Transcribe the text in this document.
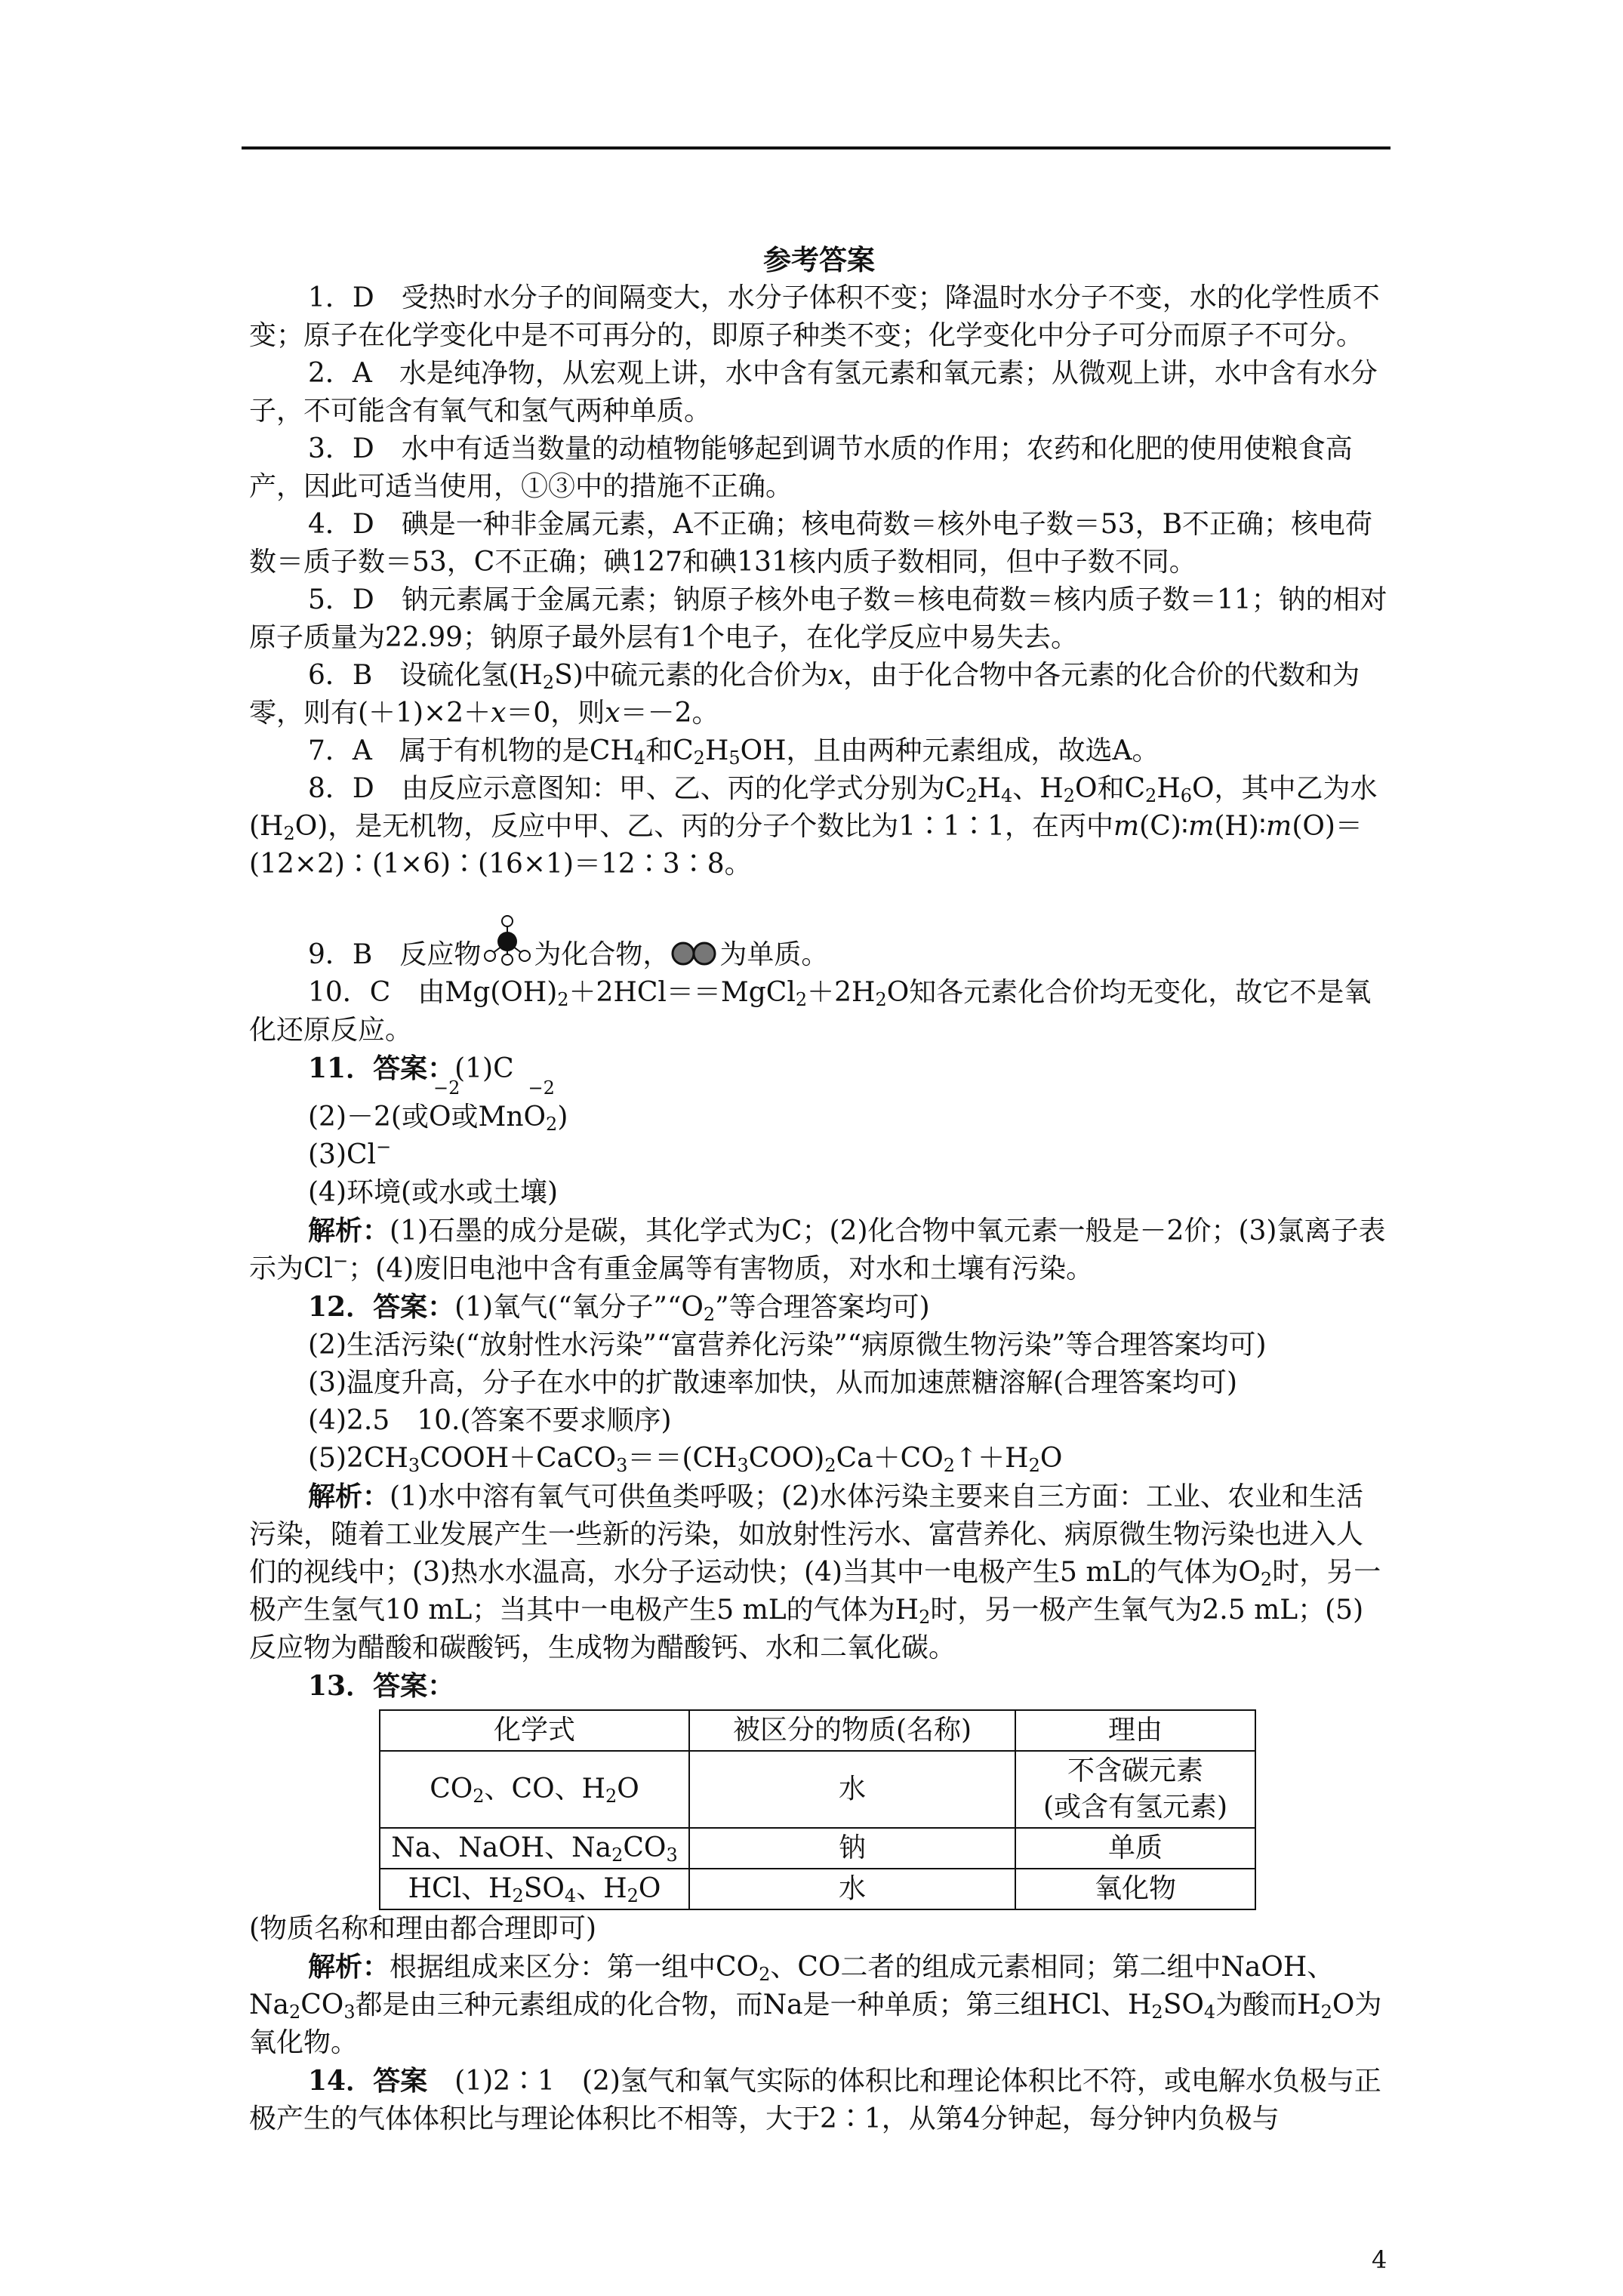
参考答案

1．D　受热时水分子的间隔变大，水分子体积不变；降温时水分子不变，水的化学性质不变；原子在化学变化中是不可再分的，即原子种类不变；化学变化中分子可分而原子不可分。

2．A　水是纯净物，从宏观上讲，水中含有氢元素和氧元素；从微观上讲，水中含有水分子，不可能含有氧气和氢气两种单质。

3．D　水中有适当数量的动植物能够起到调节水质的作用；农药和化肥的使用使粮食高产，因此可适当使用，①③中的措施不正确。

4．D　碘是一种非金属元素，A不正确；核电荷数＝核外电子数＝53，B不正确；核电荷数＝质子数＝53，C不正确；碘127和碘131核内质子数相同，但中子数不同。

5．D　钠元素属于金属元素；钠原子核外电子数＝核电荷数＝核内质子数＝11；钠的相对原子质量为22.99；钠原子最外层有1个电子，在化学反应中易失去。

6．B　设硫化氢$(H_2S)$中硫元素的化合价为x，由于化合物中各元素的化合价的代数和为零，则有(＋1)×2＋x＝0，则x＝－2。

7．A　属于有机物的是$CH_4$和$C_2H_5OH$，且由两种元素组成，故选A。

8．D　由反应示意图知：甲、乙、丙的化学式分别为$C_2H_4$、$H_2O$和$C_2H_6O$，其中乙为水$(H_2O)$，是无机物，反应中甲、乙、丙的分子个数比为1∶1∶1，在丙中m(C)∶m(H)∶m(O)＝(12×2)∶(1×6)∶(16×1)＝12∶3∶8。

9．B　反应物 为化合物， 为单质。

10．C　由$Mg(OH)_2+2HCl==MgCl_2+2H_2O$知各元素化合价均无变化，故它不是氧化还原反应。

11．答案：(1)C

(2)－2(或
−2
O或Mn
−2
$O_2$)

(3)Cl−

(4)环境(或水或土壤)

解析：(1)石墨的成分是碳，其化学式为C；(2)化合物中氧元素一般是－2价；(3)氯离子表示为Cl−；(4)废旧电池中含有重金属等有害物质，对水和土壤有污染。

12．答案：(1)氧气(“氧分子$”“O_2$”等合理答案均可)

(2)生活污染(“放射性水污染”“富营养化污染”“病原微生物污染”等合理答案均可)

(3)温度升高，分子在水中的扩散速率加快，从而加速蔗糖溶解(合理答案均可)

(4)2.5　10.(答案不要求顺序)

$(5)2CH_3COOH+CaCO_3==(CH_3COO)_2Ca+CO_2↑+H_2O$

解析：(1)水中溶有氧气可供鱼类呼吸；(2)水体污染主要来自三方面：工业、农业和生活污染，随着工业发展产生一些新的污染，如放射性污水、富营养化、病原微生物污染也进入人们的视线中；(3)热水水温高，水分子运动快；(4)当其中一电极产生5 mL的气体为$O_2$时，另一极产生氢气10 mL；当其中一电极产生5 mL的气体为$H_2$时，另一极产生氧气为2.5 mL；(5)反应物为醋酸和碳酸钙，生成物为醋酸钙、水和二氧化碳。

13．答案：

化学式	被区分的物质(名称)	理由
$CO_2$、CO、$H_2O$	水	不含碳元素
(或含有氢元素)

Na、NaOH、$Na_2CO_3$	钠	单质
HCl、$H_2SO_4$、$H_2O$	水	氧化物

(物质名称和理由都合理即可)

解析：根据组成来区分：第一组中$CO_2$、CO二者的组成元素相同；第二组中NaOH、$Na_2CO_3$都是由三种元素组成的化合物，而Na是一种单质；第三组HCl、$H_2SO_4$为酸而$H_2O$为氧化物。

14．答案　 (1)2∶1　(2)氢气和氧气实际的体积比和理论体积比不符，或电解水负极与正极产生的气体体积比与理论体积比不相等，大于2∶1，从第4分钟起，每分钟内负极与

4
